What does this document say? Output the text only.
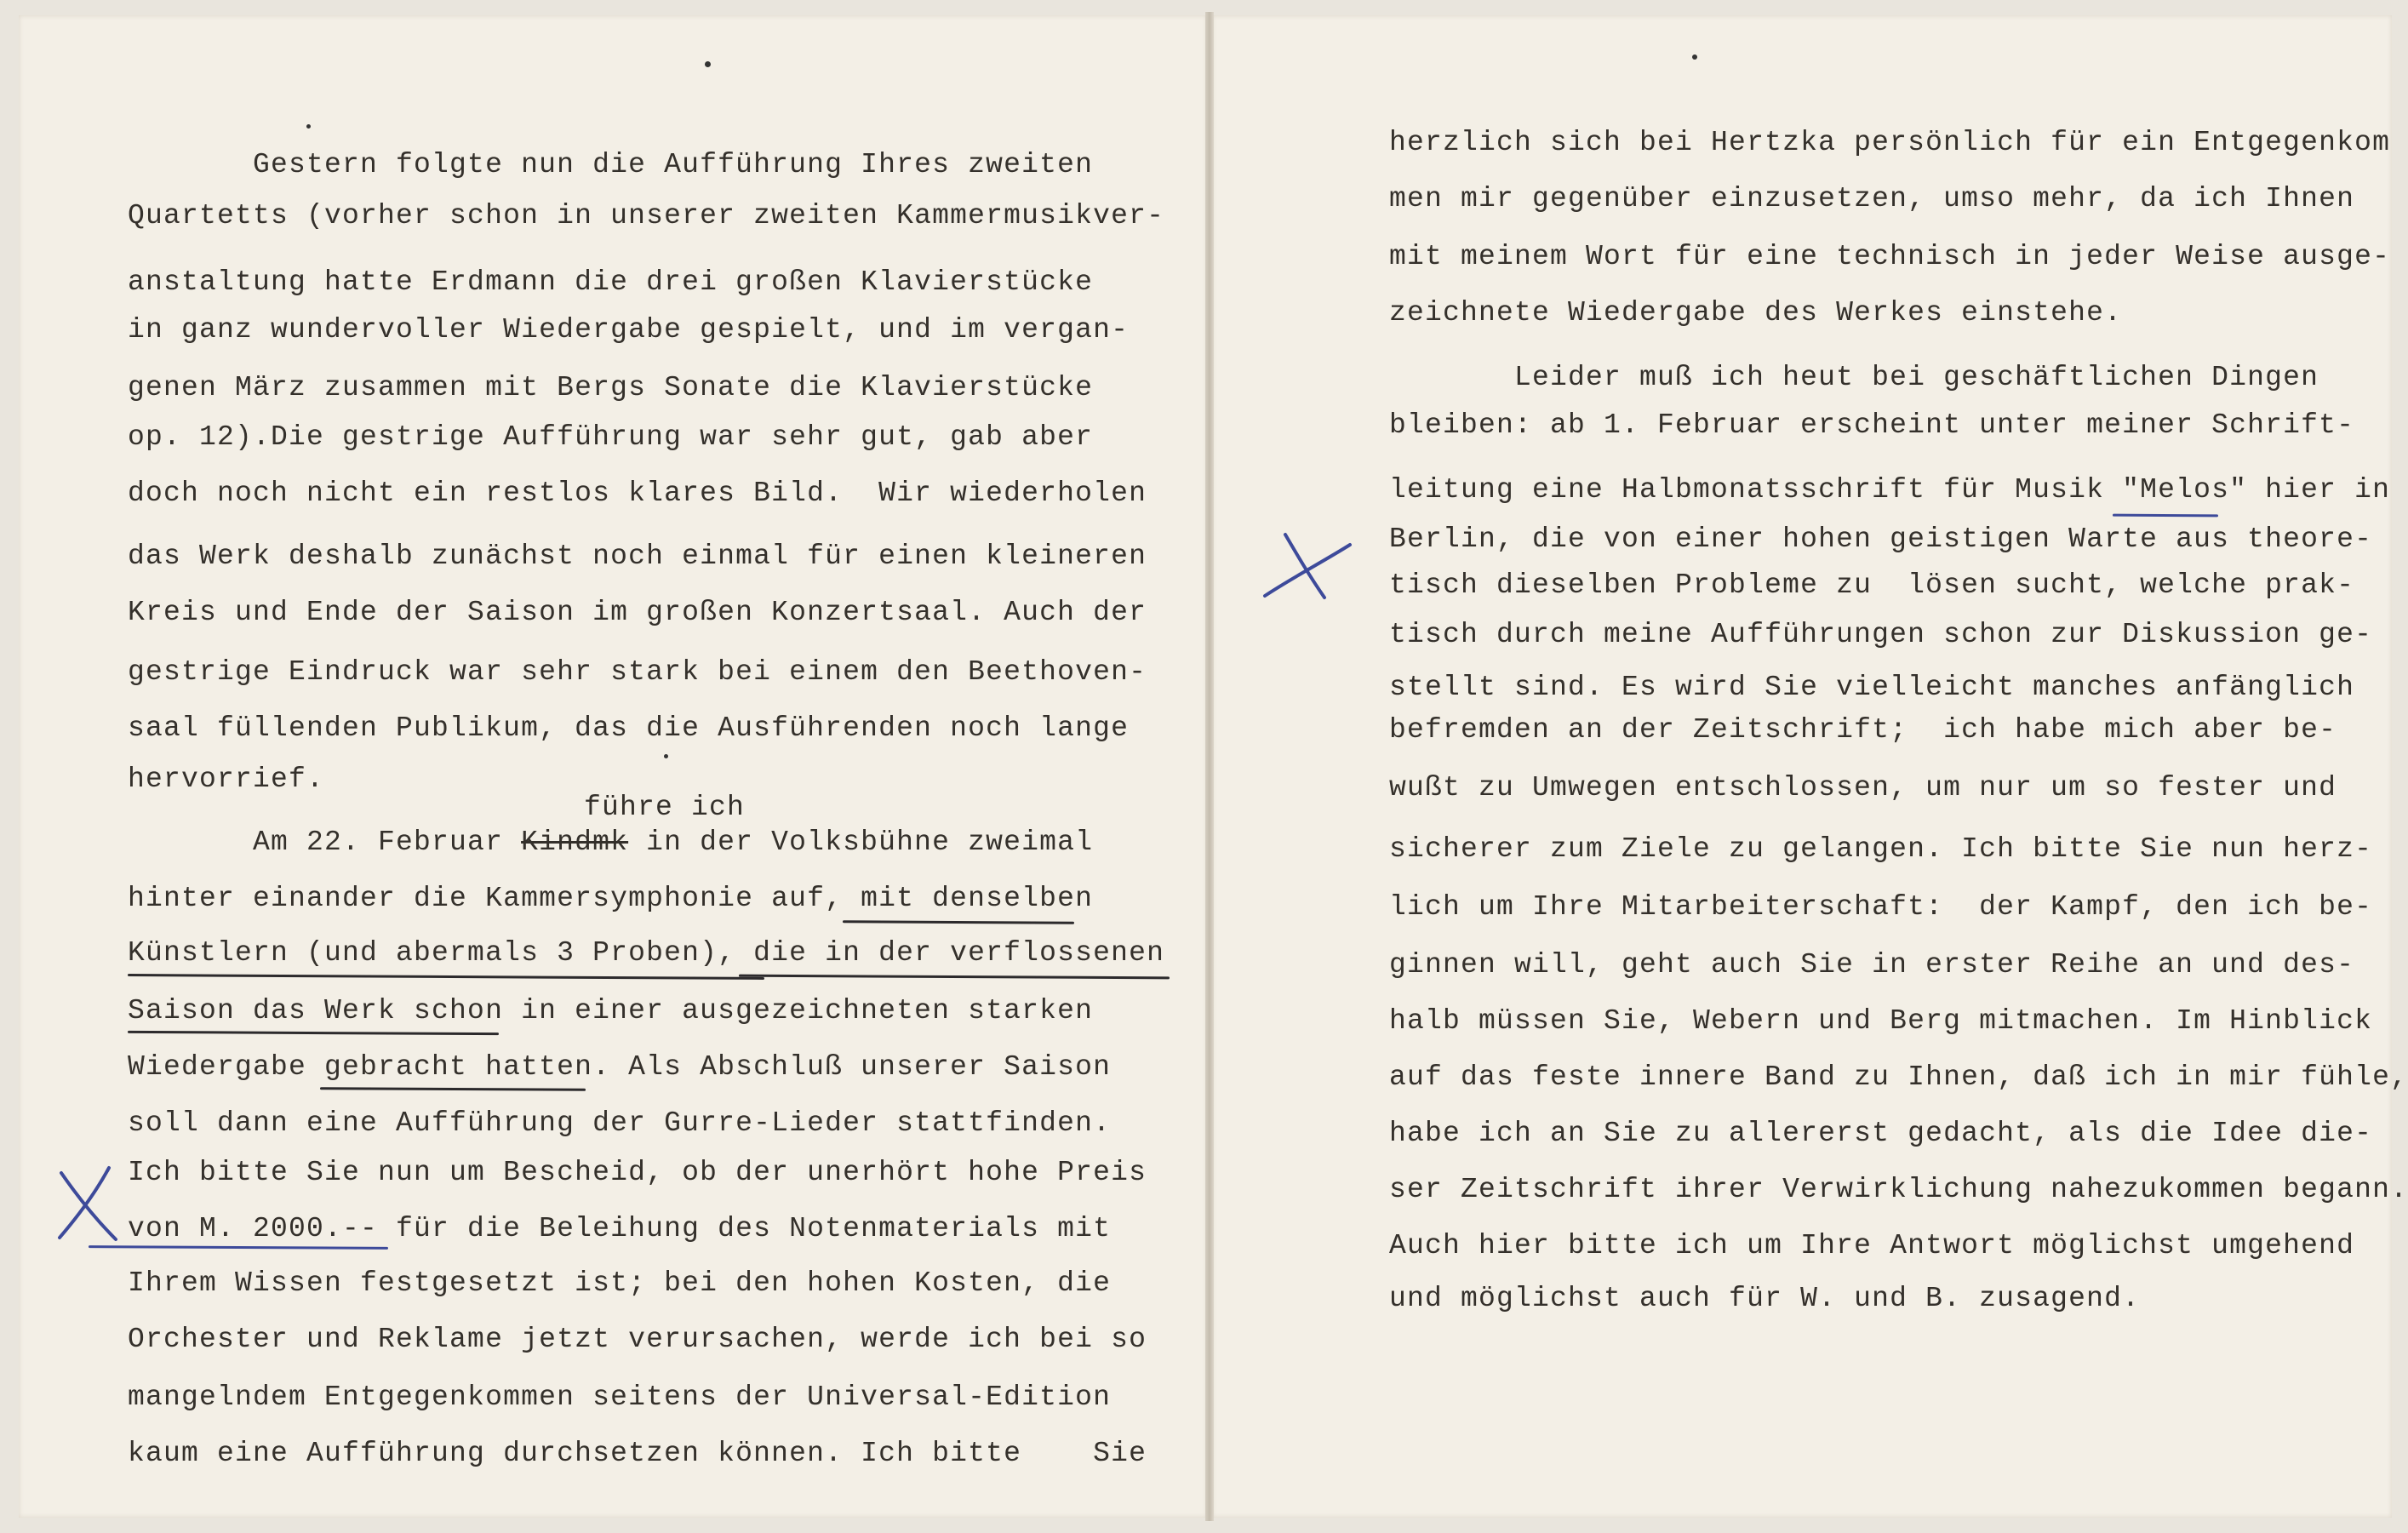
Gestern folgte nun die Aufführung Ihres zweiten
Quartetts (vorher schon in unserer zweiten Kammermusikver-
anstaltung hatte Erdmann die drei großen Klavierstücke
in ganz wundervoller Wiedergabe gespielt, und im vergan-
genen März zusammen mit Bergs Sonate die Klavierstücke
op. 12).Die gestrige Aufführung war sehr gut, gab aber
doch noch nicht ein restlos klares Bild.  Wir wiederholen
das Werk deshalb zunächst noch einmal für einen kleineren
Kreis und Ende der Saison im großen Konzertsaal. Auch der
gestrige Eindruck war sehr stark bei einem den Beethoven-
saal füllenden Publikum, das die Ausführenden noch lange
hervorrief.
führe ich
Am 22. Februar Kindmk in der Volksbühne zweimal
hinter einander die Kammersymphonie auf, mit denselben
Künstlern (und abermals 3 Proben), die in der verflossenen
Saison das Werk schon in einer ausgezeichneten starken
Wiedergabe gebracht hatten. Als Abschluß unserer Saison
soll dann eine Aufführung der Gurre-Lieder stattfinden.
Ich bitte Sie nun um Bescheid, ob der unerhört hohe Preis
von M. 2000.-- für die Beleihung des Notenmaterials mit
Ihrem Wissen festgesetzt ist; bei den hohen Kosten, die
Orchester und Reklame jetzt verursachen, werde ich bei so
mangelndem Entgegenkommen seitens der Universal-Edition
kaum eine Aufführung durchsetzen können. Ich bitte    Sie
herzlich sich bei Hertzka persönlich für ein Entgegenkom
men mir gegenüber einzusetzen, umso mehr, da ich Ihnen
mit meinem Wort für eine technisch in jeder Weise ausge-
zeichnete Wiedergabe des Werkes einstehe.
Leider muß ich heut bei geschäftlichen Dingen
bleiben: ab 1. Februar erscheint unter meiner Schrift-
leitung eine Halbmonatsschrift für Musik "Melos" hier in
Berlin, die von einer hohen geistigen Warte aus theore-
tisch dieselben Probleme zu  lösen sucht, welche prak-
tisch durch meine Aufführungen schon zur Diskussion ge-
stellt sind. Es wird Sie vielleicht manches anfänglich
befremden an der Zeitschrift;  ich habe mich aber be-
wußt zu Umwegen entschlossen, um nur um so fester und
sicherer zum Ziele zu gelangen. Ich bitte Sie nun herz-
lich um Ihre Mitarbeiterschaft:  der Kampf, den ich be-
ginnen will, geht auch Sie in erster Reihe an und des-
halb müssen Sie, Webern und Berg mitmachen. Im Hinblick
auf das feste innere Band zu Ihnen, daß ich in mir fühle,
habe ich an Sie zu allererst gedacht, als die Idee die-
ser Zeitschrift ihrer Verwirklichung nahezukommen begann.
Auch hier bitte ich um Ihre Antwort möglichst umgehend
und möglichst auch für W. und B. zusagend.
